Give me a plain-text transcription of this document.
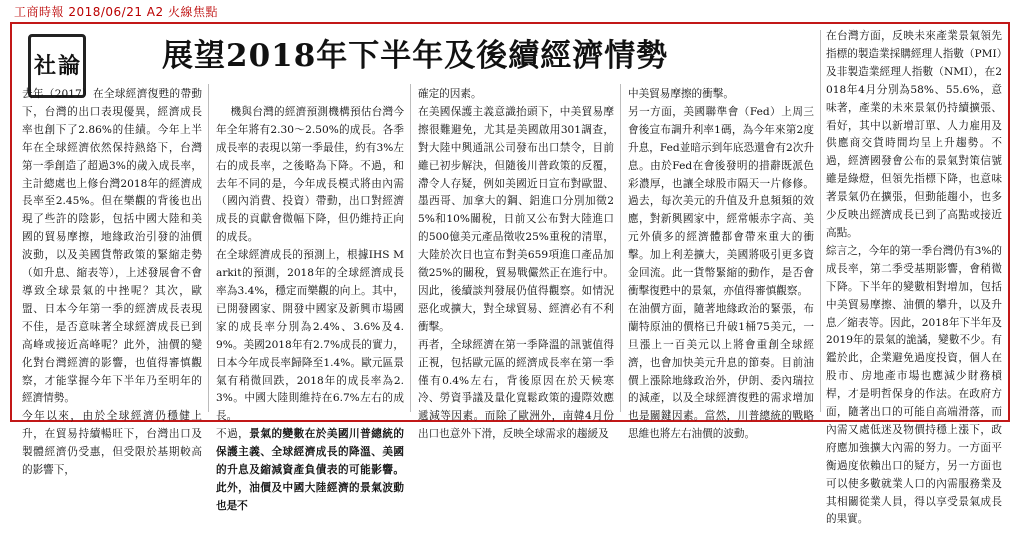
工商時報 2018/06/21 A2 火線焦點
社 論	展望2018年下半年及後續經濟情勢
去年（2017）在全球經濟復甦的帶動下，台灣的出口表現優異，經濟成長率也創下了2.86%的佳績。今年上半年在全球經濟依然保持熱絡下，台灣第一季創造了超過3%的歲入成長率，主計總處也上修台灣2018年的經濟成長率至2.45%。但在樂觀的背後也出現了些許的陰影，包括中國大陸和美國的貿易摩擦，地緣政治引發的油價波動，以及美國貨幣政策的緊縮走勢（如升息、縮表等），上述發展會不會導致全球景氣的中挫呢？其次，歐盟、日本今年第一季的經濟成長表現不佳，是否意味著全球經濟成長已到高峰或接近高峰呢？此外，油價的變化對台灣經濟的影響，也值得審慎觀察，才能掌握今年下半年乃至明年的經濟情勢。
今年以來，由於全球經濟仍穩健上升，在貿易持續暢旺下，台灣出口及製體經濟仍受惠，但受限於基期較高的影響下，

機與台灣的經濟預測機構預估台灣今年全年將有2.30～2.50%的成長。各季成長率的表現以第一季最佳，約有3%左右的成長率，之後略為下降。不過，和去年不同的是，今年成長模式將由內需（國內消費、投資）帶動，出口對經濟成長的貢獻會微幅下降，但仍維持正向的成長。
在全球經濟成長的預測上，根據IHS Markit的預測，2018年的全球經濟成長率為3.4%，穩定而樂觀的向上。其中，已開發國家、開發中國家及新興市場國家的成長率分別為2.4%、3.6%及4.9%。美國2018年有2.7%成長的實力，日本今年成長率歸降至1.4%。歐元區景氣有稍微回跌，2018年的成長率為2.3%。中國大陸則維持在6.7%左右的成長。
不過，景氣的變數在於美國川普總統的保護主義、全球經濟成長的降溫、美國的升息及縮減資產負債表的可能影響。此外，油價及中國大陸經濟的景氣波動也是不

確定的因素。
在美國保護主義意識抬頭下，中美貿易摩擦很難避免，尤其是美國啟用301調查，對大陸中興通訊公司發布出口禁令，目前雖已初步解決，但隨後川普政策的反覆，滯令人存疑，例如美國近日宣布對歐盟、墨西哥、加拿大的鋼、鋁進口分別加徵25%和10%關稅，日前又公布對大陸進口的500億美元產品徵收25%重稅的清單，大陸於次日也宣布對美659項進口產品加徵25%的關稅，貿易戰儼然正在進行中。因此，後續談判發展仍值得觀察。如情況惡化或擴大，對全球貿易、經濟必有不利衝擊。
再者，全球經濟在第一季降溫的訊號值得正視，包括歐元區的經濟成長率在第一季僅有0.4%左右，背後原因在於天候寒冷、勞資爭議及量化寬鬆政策的邊際效應遞減等因素。而除了歐洲外，南韓4月份出口也意外下滑，反映全球需求的趨緩及
中美貿易摩擦的衝擊。
另一方面，美國聯準會（Fed）上周三會後宣布調升利率1碼，為今年來第2度升息，Fed並暗示到年底恐還會有2次升息。由於Fed在會後發明的措辭既派色彩濃厚，也讓全球股市隔天一片修修。過去，每次美元的升值及升息頻頻的效應，對新興國家中，經常帳赤字高、美元外債多的經濟體都會帶來重大的衝擊。加上利差擴大，美國將吸引更多資金回流。此一貨幣緊縮的動作，是否會衝擊復甦中的景氣，亦值得審慎觀察。
在油價方面，隨著地緣政治的緊張，布蘭特原油的價格已升破1桶75美元，一旦漲上一百美元以上將會重創全球經濟，也會加快美元升息的節奏。目前油價上漲除地緣政治外，伊朗、委內瑞拉的減產，以及全球經濟復甦的需求增加也是關鍵因素。當然，川普總統的戰略思維也將左右油價的波動。
在台灣方面，反映未來產業景氣領先指標的製造業採購經理人指數（PMI）及非製造業經理人指數（NMI），在2018年4月分別為58%、55.6%，意味著，產業的未來景氣仍持續擴張、看好，其中以新增訂單、人力雇用及供應商交貨時間均呈上升趨勢。不過，經濟國發會公布的景氣對策信號雖是綠燈，但領先指標下降，也意味著景氣仍在擴張，但動能趨小，也多少反映出經濟成長已到了高點或接近高點。
綜言之，今年的第一季台灣仍有3%的成長率，第二季受基期影響，會稍微下降。下半年的變數相對增加，包括中美貿易摩擦、油價的攀升，以及升息／縮表等。因此，2018年下半年及2019年的景氣的詭譎，變數不少。有鑑於此，企業避免過度投資，個人在股市、房地產市場也應減少財務槓桿，才是明哲保身的作法。在政府方面，隨著出口的可能自高端滑落，而內需又處低迷及物價持穩上漲下，政府應加強擴大內需的努力。一方面平衡過度依賴出口的疑方，另一方面也可以使多數就業人口的內需服務業及其相關從業人員，得以享受景氣成長的果實。
